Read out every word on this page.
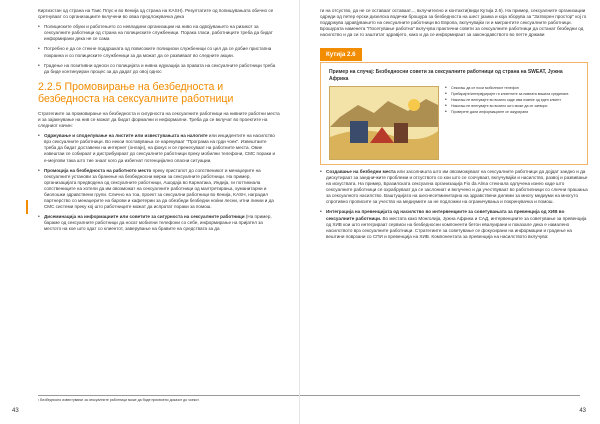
Киргизстан од страна на Таис Плус и во Кенија од страна на KASH). Резултатите од попишувањата обично се сретнуваат со организациите вклучени во оваа предложувачка дека

• Полициските обуки и работењето со невладини организации на ниво на одвојувањето на ризикот за сексуалните работници од страна на полициските службеници. Порака гласи, работниците треба да бидат информирани дека не се сама

• Потребно е да се стекне поддршката од повисоките полициски службеници со цел да се добие пристапна покраина и со полициските службеници за да можат да се развиваат во следните акции.

• Градење на позитивни односи со полицијата и нивна едукација за правата на сексуалните работници треба да биде континуиран процес за да дадат до овој однос

2.2.5 Промовирање на безбедноста и безбедноста на сексуалните работници

Стратегиите за промовирање на безбедноста и сигурноста на сексуалните работници на нивните работни места и за зајакнување на нив се можат да бидат формални и неформални. Треба да се вклучат во проектите на следниот начин:

• Одржување и споделување на листите или известувањата на налогите или инцидентите на насилство врз сексуалните работници. Во некои поставувања се нарекуваат "Програма на грди чоек". Извештаите треба да бидат доставени на интернет (онлајн), на фокус и се пренесуваат на работните места. Овие извештаи се собираат и дистрибуираат до сексуалните работници преку мобилни телефони, СМС пораки и е-мејлови така што тие знаат кого да избегнат потенцијално опасни ситуации.

• Промоција на безбедноста на работното место преку пристапот до сопственикот и менаџерите на сексуалните установи за бранење на безбедносни мерки за сексуалните работници. На пример, организацијата предводена од сексуалните работници, Ашодаја во Карнатака, Индија, ги поттикнала сопствениците на хотели да им овозможат на сексуалните работници од малтретирањa, хуманитарни и биолошки здравствени групи. Слично на тоа, проект за сексуални работници во Кенија, KASH, наградил партнерство со менаџерите на барови и кафетерии за да обезбеди безбедни ноќни лесни, итни линии и да СМС системи преку кој што работниците можат да испратат пораки за помош.

• Дисеминација на информациите или советите за сигурноста на сексуалните работници (На пример, бараме од сексуалните работници да носат мобилни телефони со себе, информирање на пријател за местото на кое што одат со клиентот, заверување на бравите на средствата за да

¹ Безбедносно известување за сексуалните работници може да биде присвоено доказот до чоекот.
43

ги на отсуство, да не се оставаат оставаат..., вклучително и контакти(види Кутија 2.6). На пример, сексуалните организации одреди од петер ерски дизелска водечки брошура за безбедноста на шест јазика и која зборува за "Затворен простор" кој го поддржува здравјувањето на сексуалните работници во Европа, вклучувајќи ги и мигрантите сексуалните работници. Брошурата наменета "Посетување работна" вклучува практични совети за сексуалните работници да останат безбедни од насилство и да си го заштитат здравјето, како и да се информираат за законодавството во петте држави

Кутија 2.6
Пример на случај: Безбедносни совети за сексуалните работници од страна на SWEAT, Јужна Африка

• Секогаш да се носи мобилниот телефон

• Пребарајте/интервјуирајте ги клиентите за нивната вишата средината

• Никогаш не влегувајте во возило каде има повеќе од еден клиент

• Никогаш не влегувајте во возило што може да се затвори

• Проверете дали информациите се ажурирани

• Создавање на безбедни места или засолништа што им овозможуваат на сексуалните работници да дојдат заедно и да дискутираат за заедничките проблеми и отсуството со кои што се соочуваат, вклучувајќи и насилство, развој и развивање на искуствата. На пример, Бразилската сексуална организација Fio da Alma стекнала одлучена изнео каде што сексуалните работници се охрабруваат да се заслониат и вклучено и да учествуваат во работилници со слични прашања за сексуалното насилство. Ваштуцијата на шеснесетминитарна на здравствени дилеми за многу медиуми на многуто спротивно прописите за учество на медиумите за не подложни на ограничувања и покренувачка и помош.

• Интеграција на превенцијата од насилство во интервенциите за советувањата за превенција од ХИВ во сексуалните работници. Во местата како Монголија, Јужна Африка и САД, интервенциите за советување за превенција од ХИВ кои што интегрираат сервиси на безбедносни компоненти бетон евалуирани и показале дека е намалено насилството врз сексуалните работници. Стратегиите за советување се фокусирани на информации и градење на вештини поврзани со СПИ и превенција на ХИВ. Компонентата за превенција на насилството вклучува:

43
